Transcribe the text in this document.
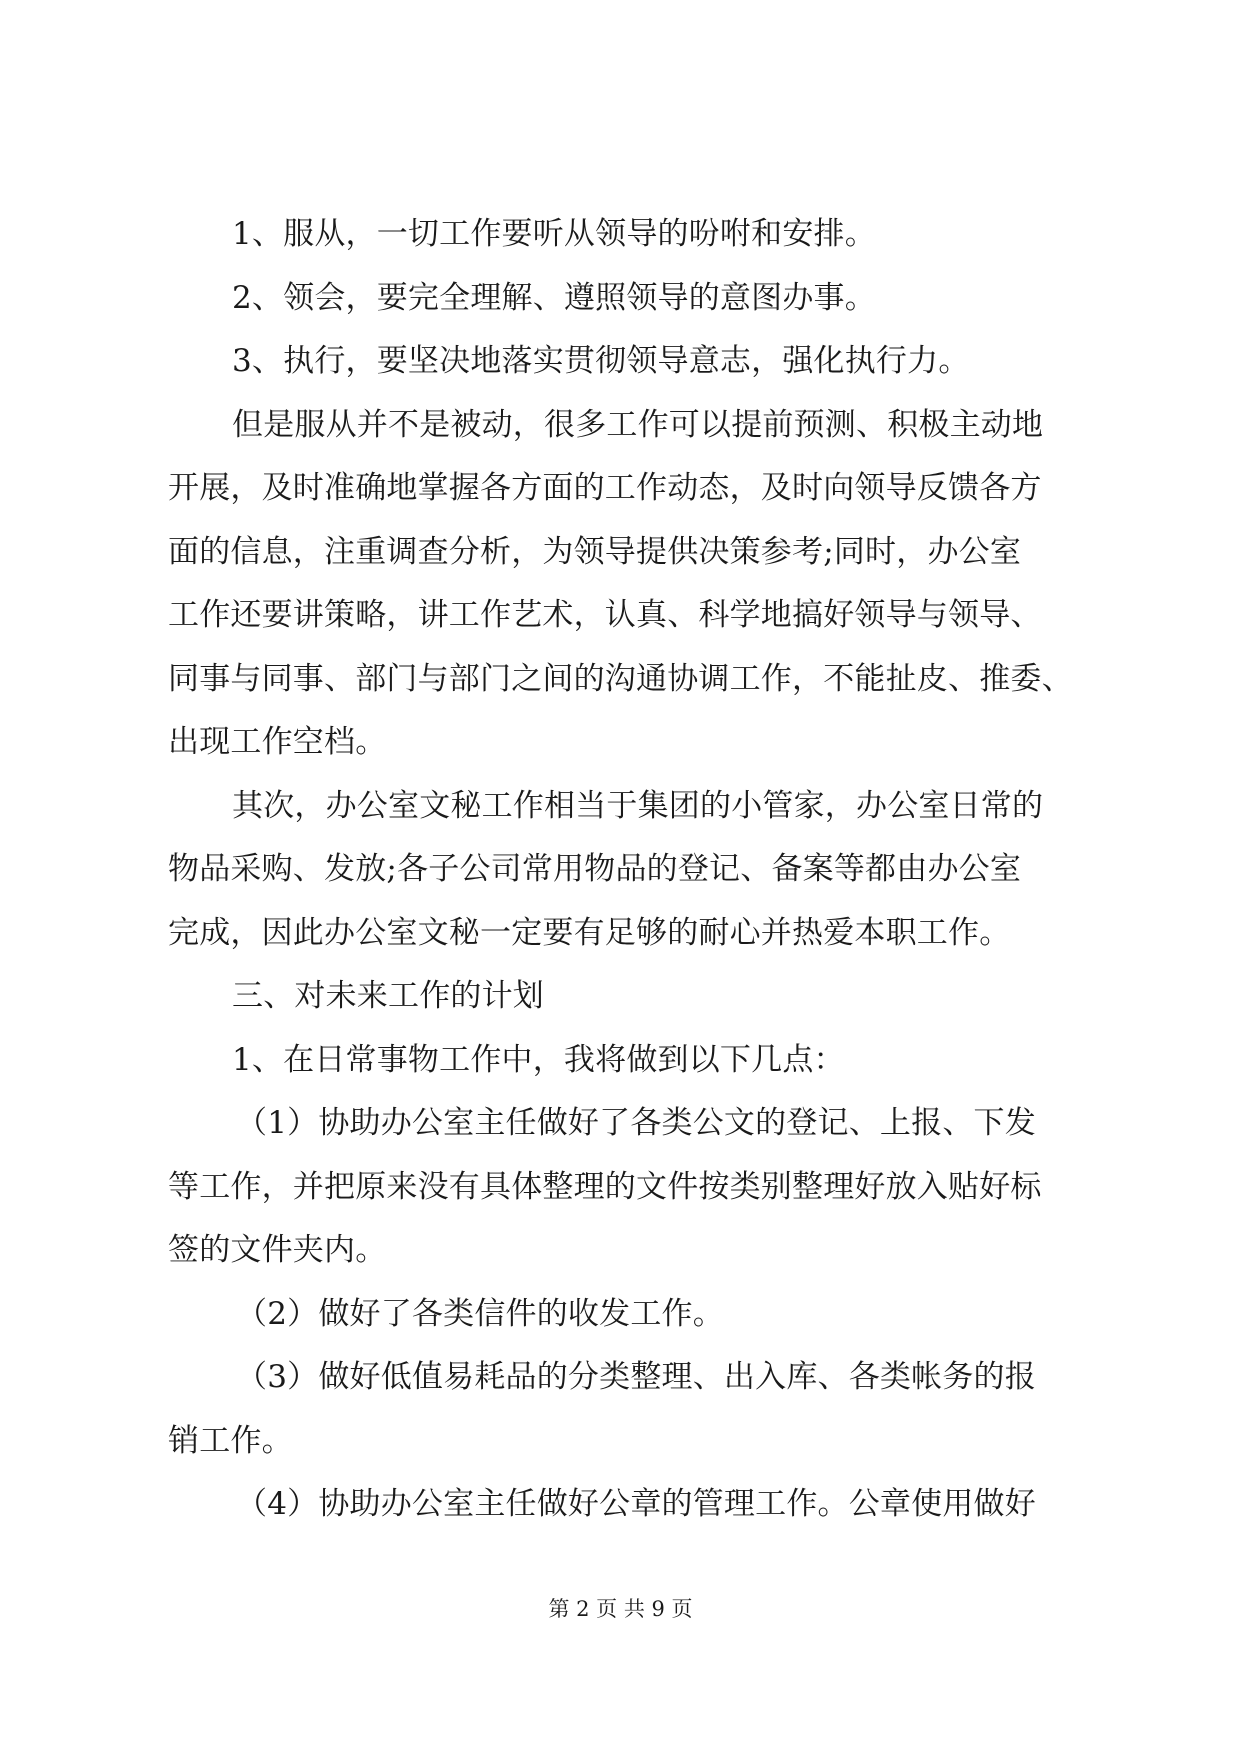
1、服从，一切工作要听从领导的吩咐和安排。
2、领会，要完全理解、遵照领导的意图办事。
3、执行，要坚决地落实贯彻领导意志，强化执行力。
但是服从并不是被动，很多工作可以提前预测、积极主动地
开展，及时准确地掌握各方面的工作动态，及时向领导反馈各方
面的信息，注重调查分析，为领导提供决策参考;同时，办公室
工作还要讲策略，讲工作艺术，认真、科学地搞好领导与领导、
同事与同事、部门与部门之间的沟通协调工作，不能扯皮、推委、
出现工作空档。
其次，办公室文秘工作相当于集团的小管家，办公室日常的
物品采购、发放;各子公司常用物品的登记、备案等都由办公室
完成，因此办公室文秘一定要有足够的耐心并热爱本职工作。
三、对未来工作的计划
1、在日常事物工作中，我将做到以下几点：
（1）协助办公室主任做好了各类公文的登记、上报、下发
等工作，并把原来没有具体整理的文件按类别整理好放入贴好标
签的文件夹内。
（2）做好了各类信件的收发工作。
（3）做好低值易耗品的分类整理、出入库、各类帐务的报
销工作。
（4）协助办公室主任做好公章的管理工作。公章使用做好
第 2 页 共 9 页
